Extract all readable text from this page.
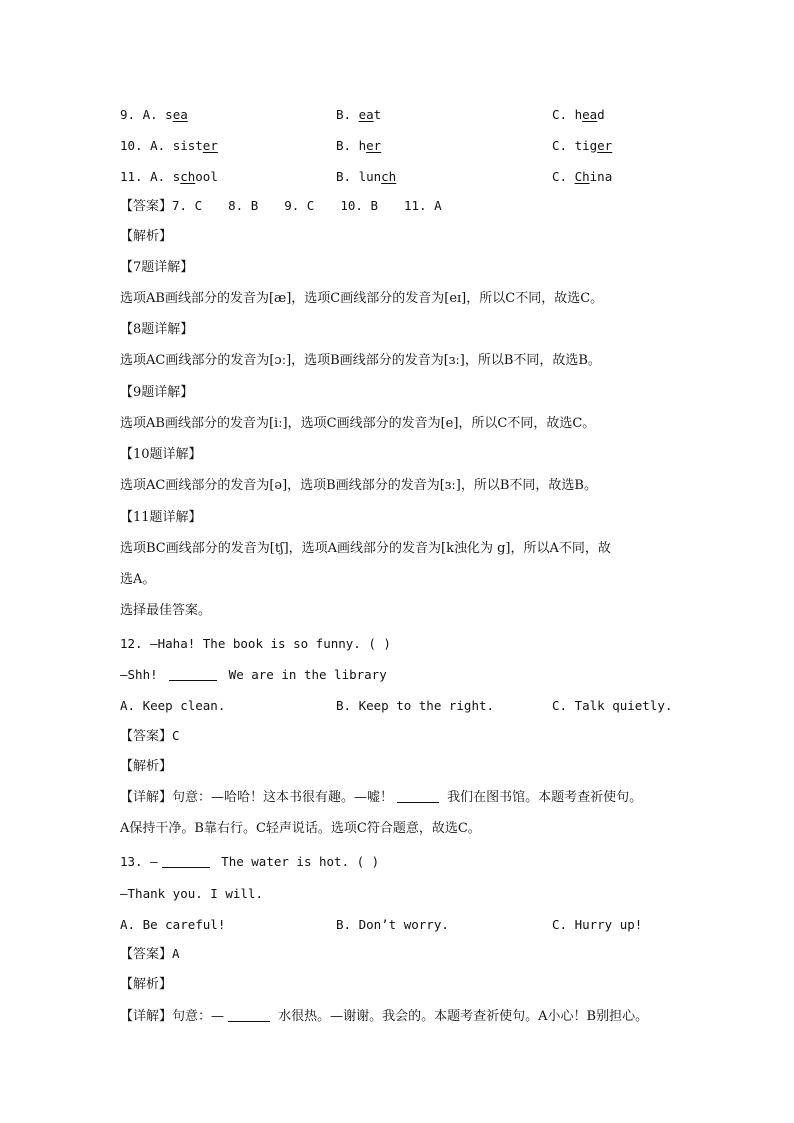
9. A. sea	B. eat	C. head
10. A. sister	B. her	C. tiger
11. A. school	B. lunch	C. China
【答案】7. C 8. B 9. C 10. B 11. A
【解析】
【7题详解】
选项AB画线部分的发音为[æ]，选项C画线部分的发音为[eɪ]，所以C不同，故选C。
【8题详解】
选项AC画线部分的发音为[ɔː]，选项B画线部分的发音为[ɜː]，所以B不同，故选B。
【9题详解】
选项AB画线部分的发音为[iː]，选项C画线部分的发音为[e]，所以C不同，故选C。
【10题详解】
选项AC画线部分的发音为[ə]，选项B画线部分的发音为[ɜː]，所以B不同，故选B。
【11题详解】
选项BC画线部分的发音为[tʃ]，选项A画线部分的发音为[k浊化为 g]，所以A不同，故
选A。
选择最佳答案。
12. —Haha! The book is so funny. ( )
—Shh!	We are in the library
A. Keep clean.	B. Keep to the right.	C. Talk quietly.
【答案】C
【解析】
【详解】句意：—哈哈！这本书很有趣。—嘘！	我们在图书馆。本题考查祈使句。
A保持干净。B靠右行。C轻声说话。选项C符合题意，故选C。
13. —	The water is hot. ( )
—Thank you. I will.
A. Be careful!	B. Don’t worry.	C. Hurry up!
【答案】A
【解析】
【详解】句意：—	水很热。—谢谢。我会的。本题考查祈使句。A小心！B别担心。
